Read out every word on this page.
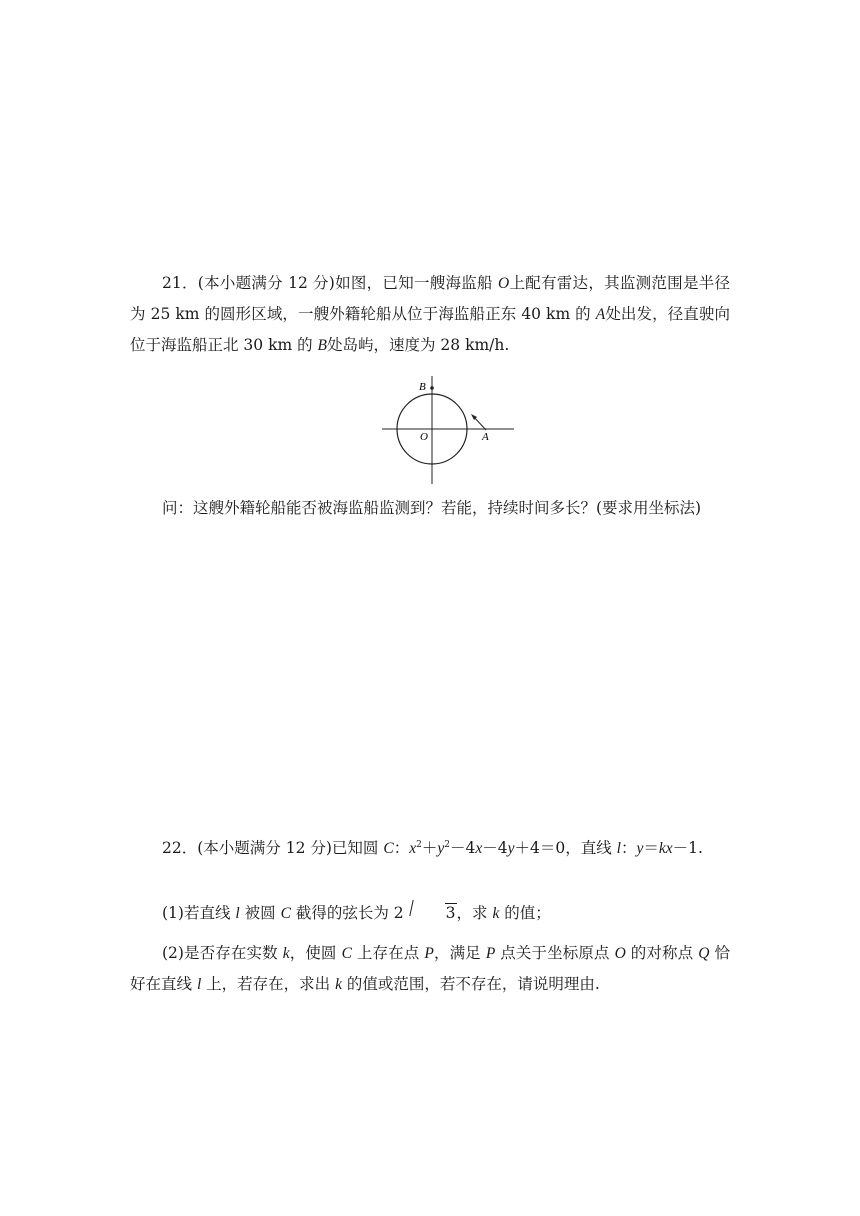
21．(本小题满分 12 分)如图，已知一艘海监船 O上配有雷达，其监测范围是半径为 25 km 的圆形区域，一艘外籍轮船从位于海监船正东 40 km 的 A处出发，径直驶向位于海监船正北 30 km 的 B处岛屿，速度为 28 km/h.

B
O	A

问：这艘外籍轮船能否被海监船监测到？若能，持续时间多长？(要求用坐标法)

22．(本小题满分 12 分)已知圆 C：$x^2+y^2-4x-4y+4=0$，直线 l：y＝kx－1.

(1)若直线 l 被圆 C 截得的弦长为 2	3，求 k 的值；

(2)是否存在实数 k，使圆 C 上存在点 P，满足 P 点关于坐标原点 O 的对称点 Q 恰好在直线 l 上，若存在，求出 k 的值或范围，若不存在，请说明理由.
